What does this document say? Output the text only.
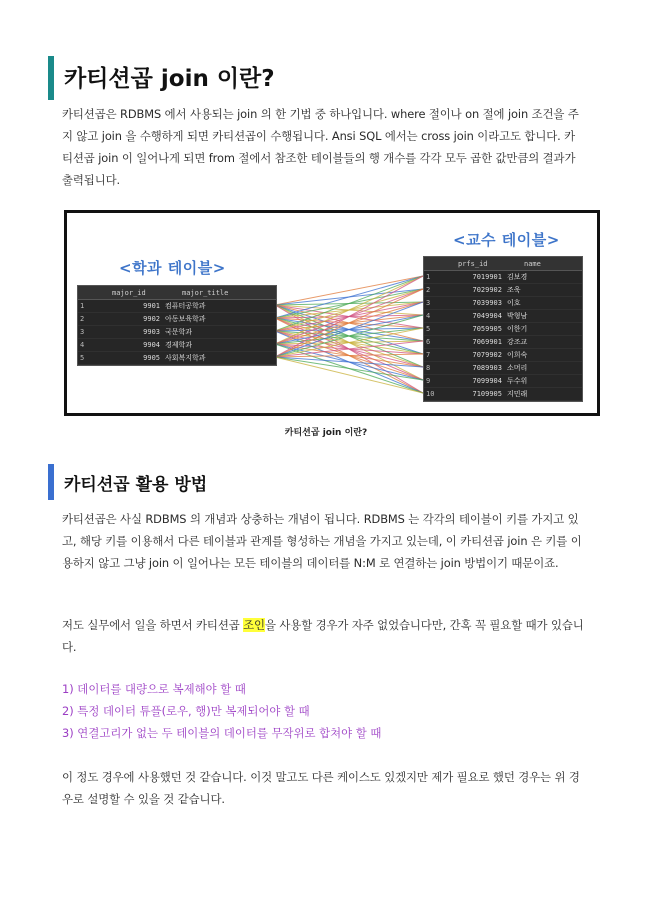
카티션곱 join 이란?
카티션곱은 RDBMS 에서 사용되는 join 의 한 기법 중 하나입니다. where 절이나 on 절에 join 조건을 주지 않고 join 을 수행하게 되면 카티션곱이 수행됩니다. Ansi SQL 에서는 cross join 이라고도 합니다. 카티션곱 join 이 일어나게 되면 from 절에서 참조한 테이블들의 행 개수를 각각 모두 곱한 값만큼의 결과가 출력됩니다.
<학과 테이블>
<교수 테이블>
major_id	major_title
1	9901 컴퓨터공학과
2	9902 아동보육학과
3	9903 국문학과
4	9904 경제학과
5	9905 사회복지학과
prfs_id	name
1	7019901 김보경
2	7029902 조욱
3	7039903 이호
4	7049904 박형남
5	7059905 이한기
6	7069901 강조교
7	7079902 이희숙
8	7089903 소머리
9	7099904 두수위
10	7109905 지민래
카티션곱 join 이란?
카티션곱 활용 방법
카티션곱은 사실 RDBMS 의 개념과 상충하는 개념이 됩니다. RDBMS 는 각각의 테이블이 키를 가지고 있고, 해당 키를 이용해서 다른 테이블과 관계를 형성하는 개념을 가지고 있는데, 이 카티션곱 join 은 키를 이용하지 않고 그냥 join 이 일어나는 모든 테이블의 데이터를 N:M 로 연결하는 join 방법이기 때문이죠.
저도 실무에서 일을 하면서 카티션곱 조인을 사용할 경우가 자주 없었습니다만, 간혹 꼭 필요할 때가 있습니다.
1) 데이터를 대량으로 복제해야 할 때
2) 특정 데이터 튜플(로우, 행)만 복제되어야 할 때
3) 연결고리가 없는 두 테이블의 데이터를 무작위로 합쳐야 할 때
이 정도 경우에 사용했던 것 같습니다. 이것 말고도 다른 케이스도 있겠지만 제가 필요로 했던 경우는 위 경우로 설명할 수 있을 것 같습니다.
